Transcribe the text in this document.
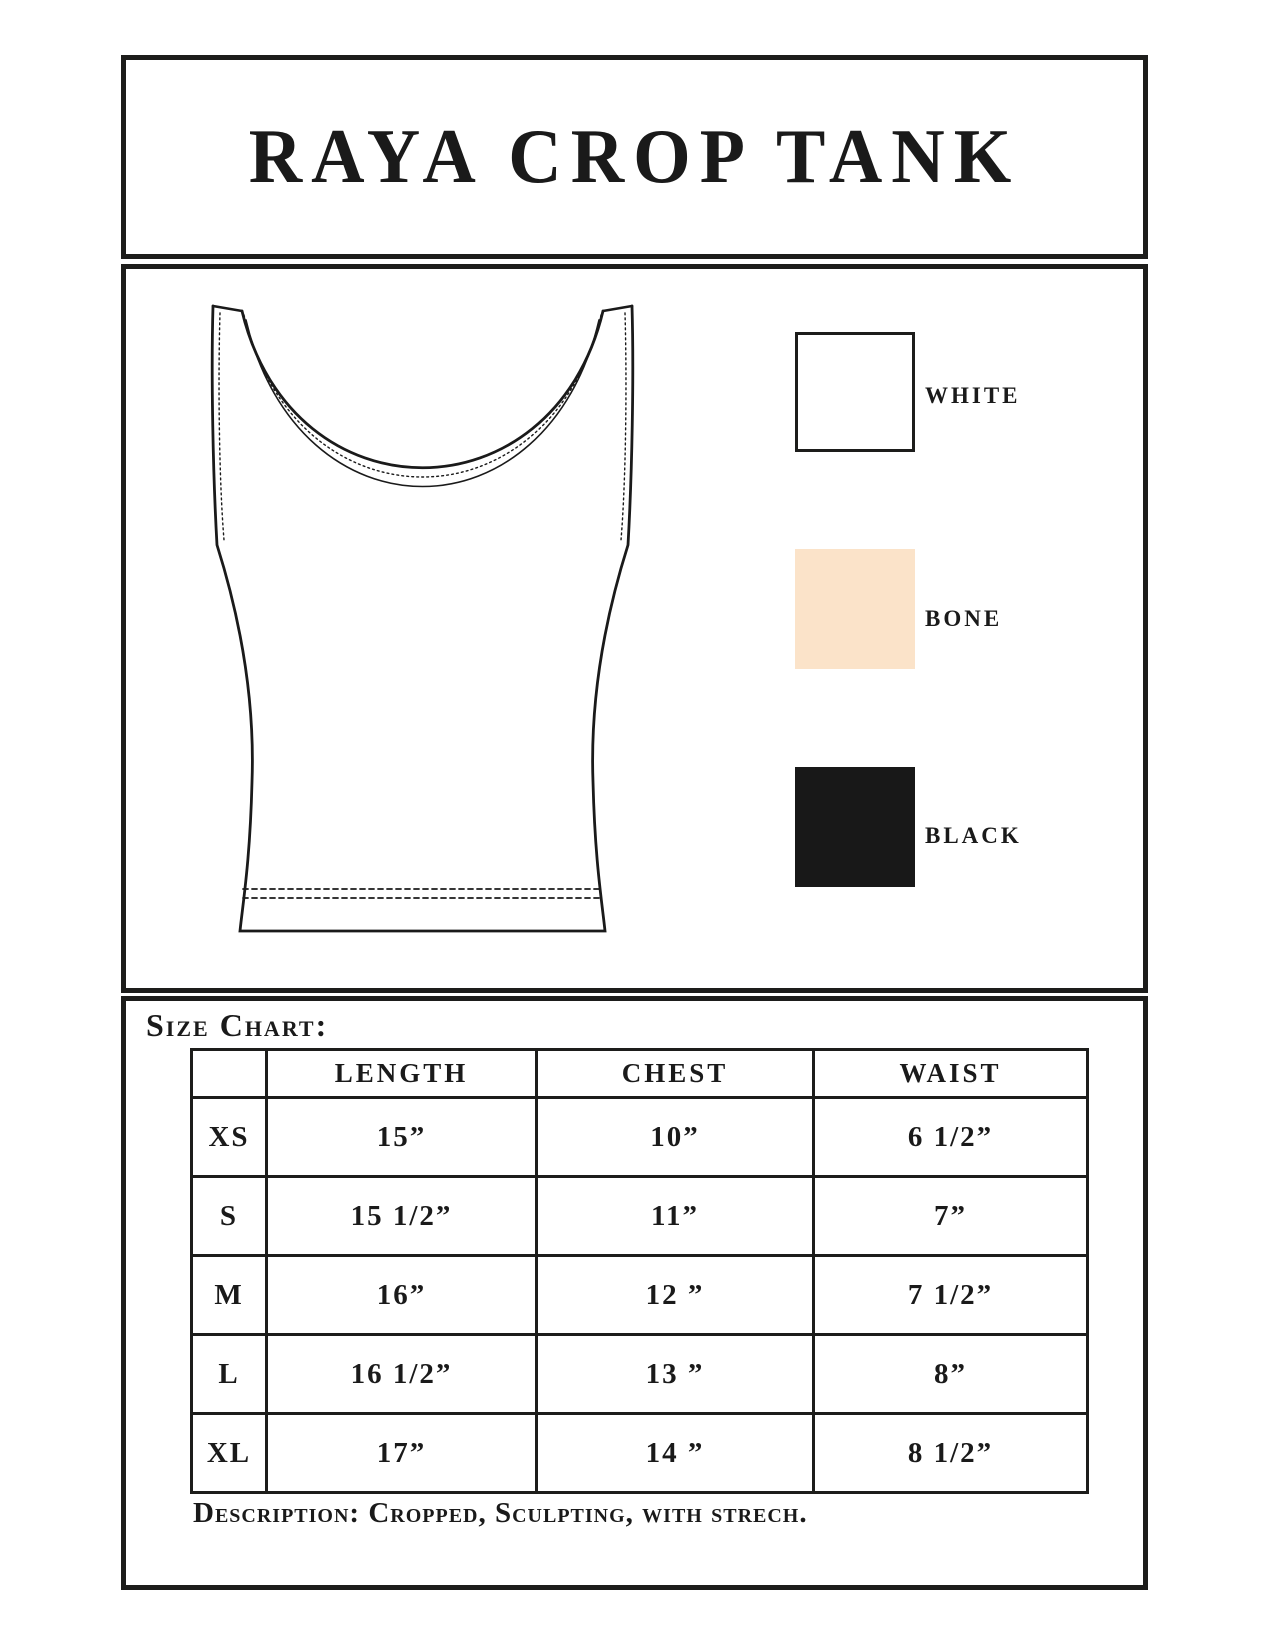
RAYA CROP TANK
WHITE
BONE
BLACK
Size Chart:
	LENGTH	CHEST	WAIST
XS	15”	10”	6 1/2”
S	15 1/2”	11”	7”
M	16”	12 ”	7 1/2”
L	16 1/2”	13 ”	8”
XL	17”	14 ”	8 1/2”
Description: Cropped, Sculpting, with strech.
